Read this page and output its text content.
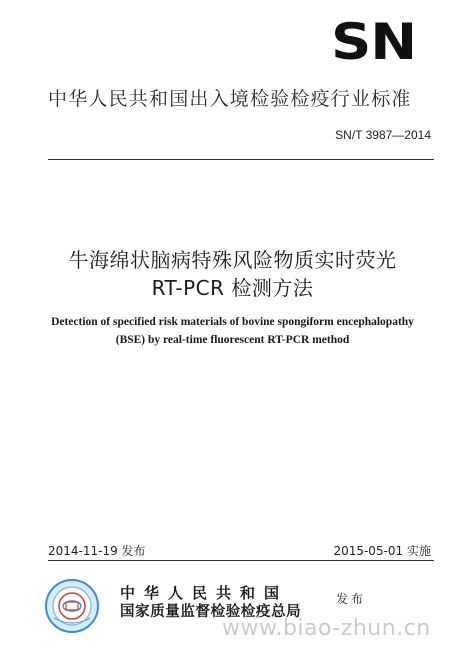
SN
中华人民共和国出入境检验检疫行业标准
SN/T 3987—2014
牛海绵状脑病特殊风险物质实时荧光
RT-PCR 检测方法
Detection of specified risk materials of bovine spongiform encephalopathy
(BSE) by real-time fluorescent RT-PCR method
2014-11-19 发布	2015-05-01 实施
中华人民共和国
国家质量监督检验检疫总局
发布
www.biao-zhun.cn
